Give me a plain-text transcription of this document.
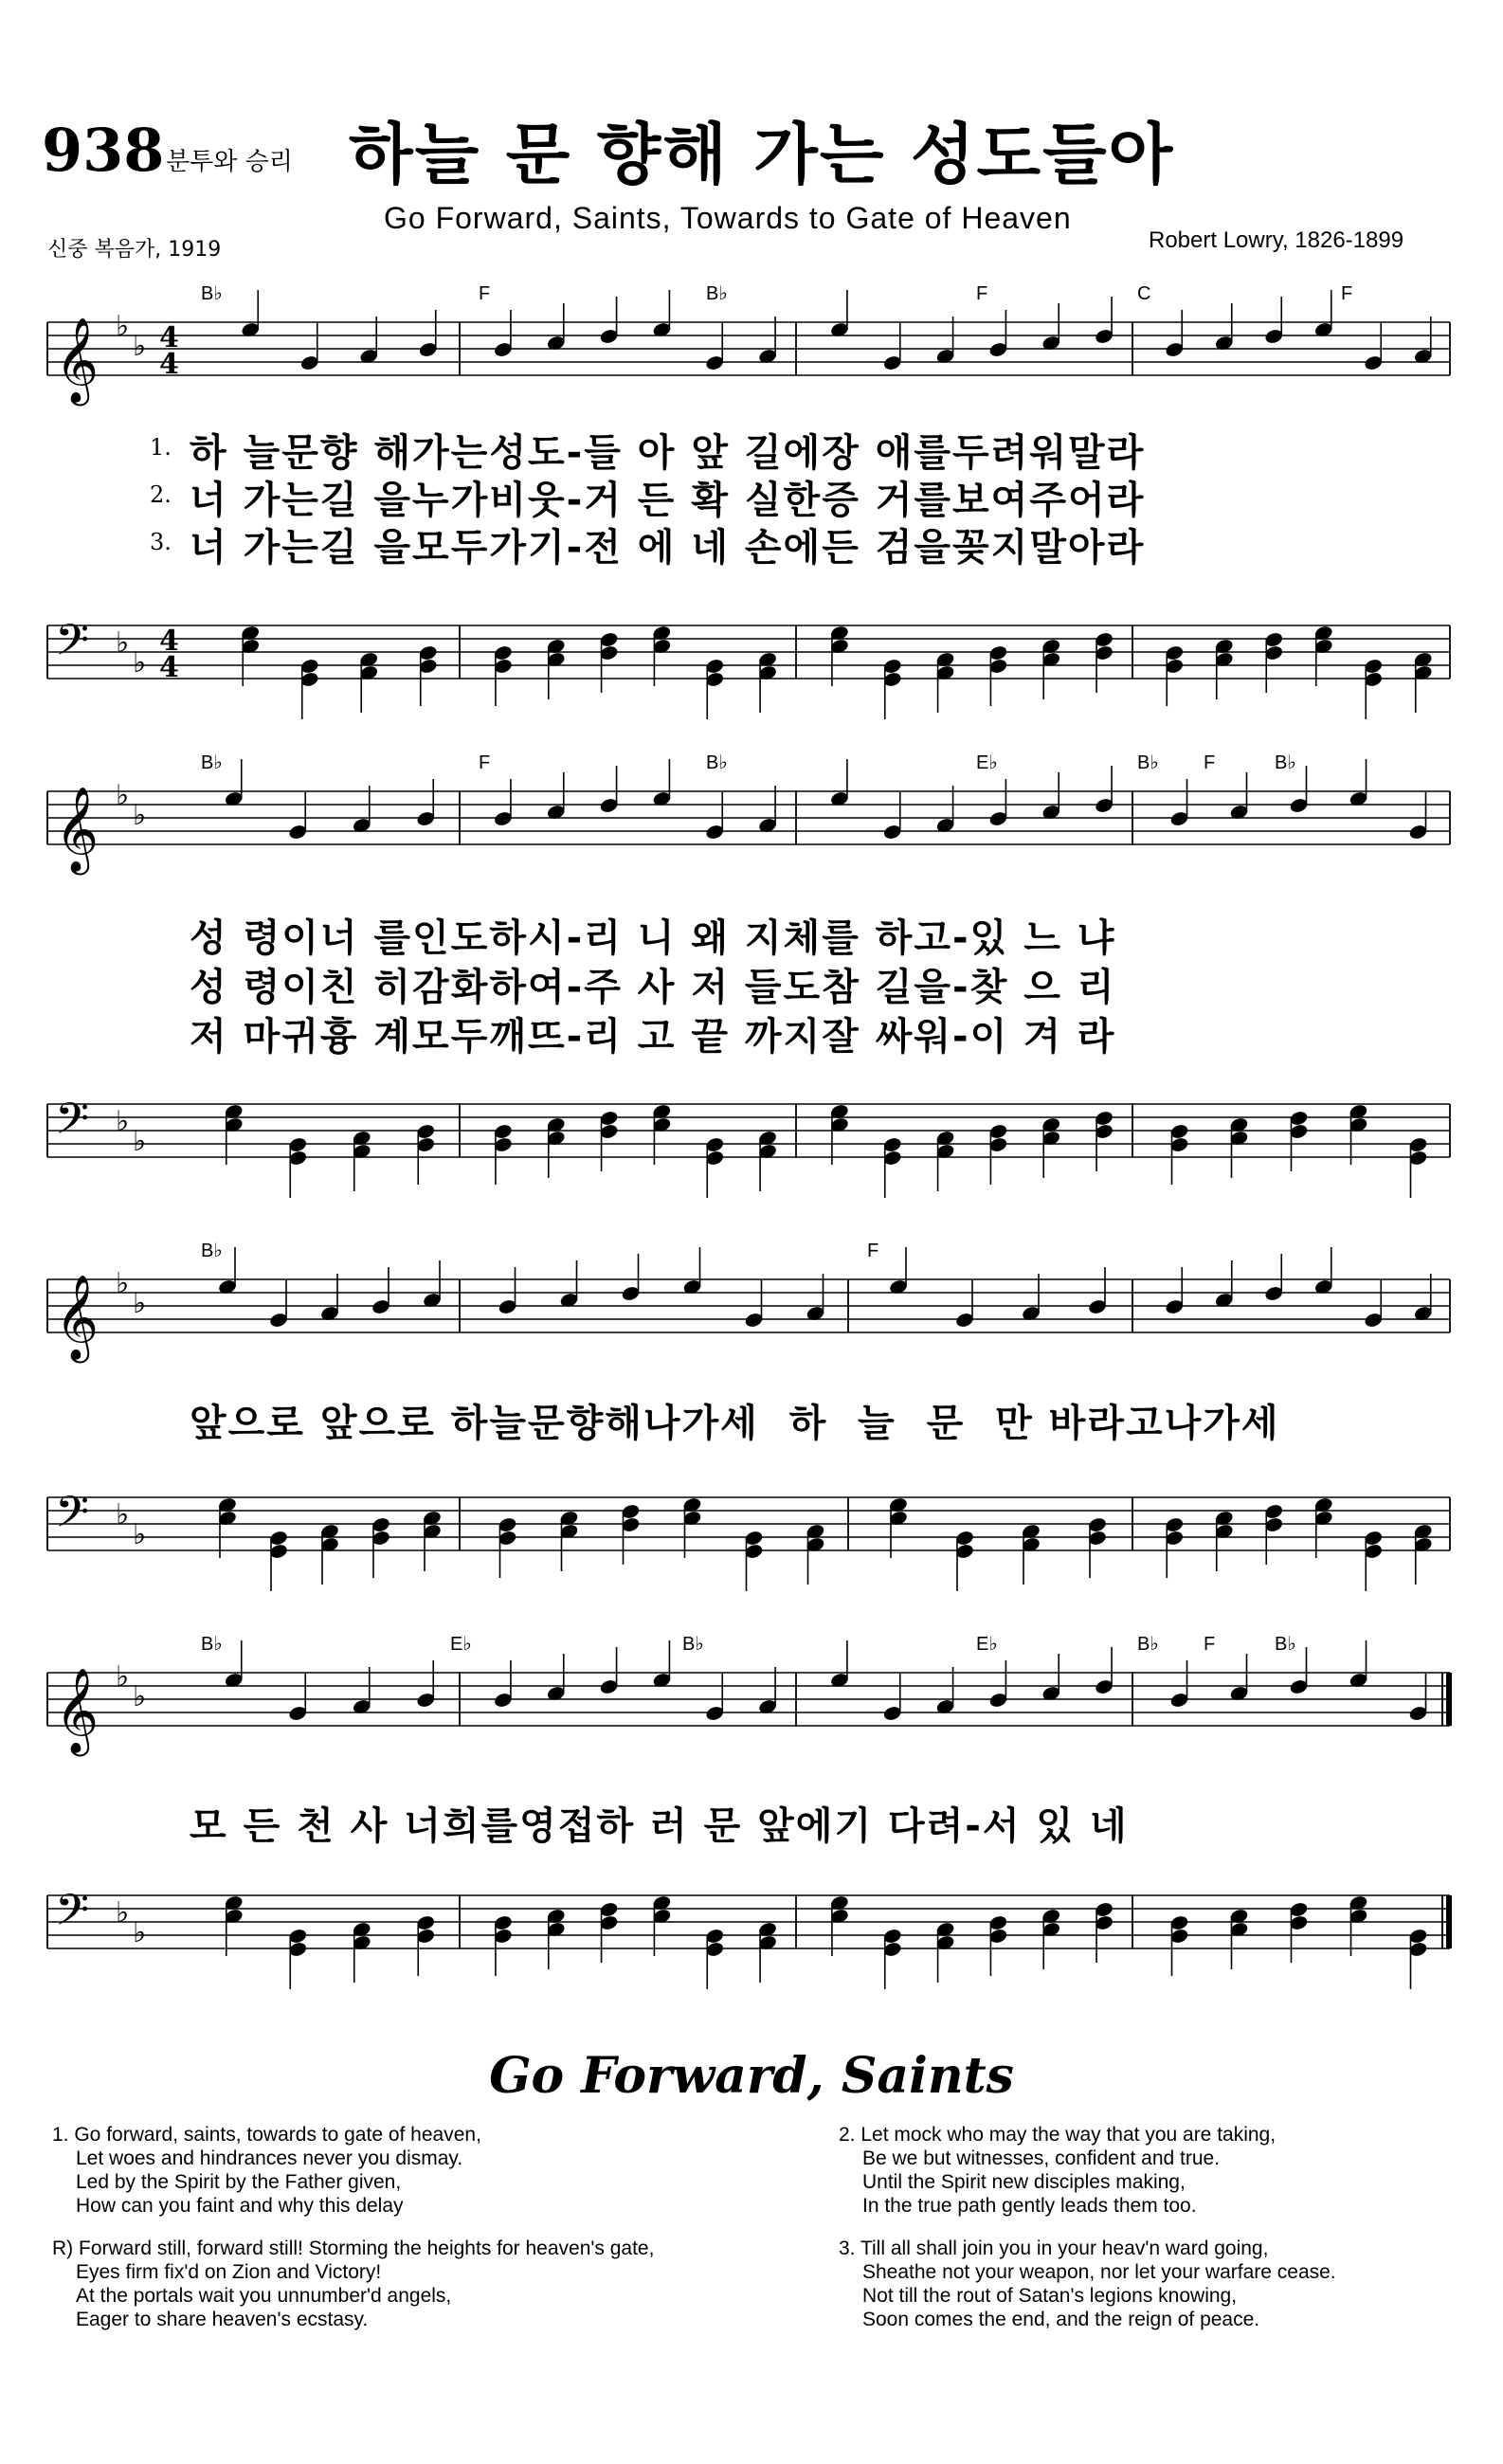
938 분투와 승리 하늘 문 향해 가는 성도들아
Go Forward, Saints, Towards to Gate of Heaven
신중 복음가, 1919	Robert Lowry, 1826-1899
𝄞 ♭
♭ 4
4
B♭	F	B♭	F	C	F
𝄢 ♭
♭
4
4
𝄞 ♭
♭
B♭	F	B♭	E♭	B♭ F	B♭
𝄢 ♭
♭
𝄞 ♭
♭
B♭	F
𝄢 ♭
♭
𝄞 ♭
♭
B♭	E♭	B♭	E♭	B♭ F	B♭
𝄢 ♭
♭
1.
2.
3.
하 늘문향 해가는성도-들 아 앞 길에장 애를두려워말라
너 가는길 을누가비웃-거 든 확 실한증 거를보여주어라
너 가는길 을모두가기-전 에 네 손에든 검을꽂지말아라
성 령이너 를인도하시-리 니 왜 지체를 하고-있 느 냐
성 령이친 히감화하여-주 사 저 들도참 길을-찾 으 리
저 마귀흉 계모두깨뜨-리 고 끝 까지잘 싸워-이 겨 라
앞으로 앞으로 하늘문향해나가세  하  늘  문  만 바라고나가세
모 든 천 사 너희를영접하 러 문 앞에기 다려-서 있 네
Go Forward, Saints
1. Go forward, saints, towards to gate of heaven,
Let woes and hindrances never you dismay.
Led by the Spirit by the Father given,
How can you faint and why this delay
R) Forward still, forward still! Storming the heights for heaven's gate,
Eyes firm fix'd on Zion and Victory!
At the portals wait you unnumber'd angels,
Eager to share heaven's ecstasy.
2. Let mock who may the way that you are taking,
Be we but witnesses, confident and true.
Until the Spirit new disciples making,
In the true path gently leads them too.
3. Till all shall join you in your heav'n ward going,
Sheathe not your weapon, nor let your warfare cease.
Not till the rout of Satan's legions knowing,
Soon comes the end, and the reign of peace.
